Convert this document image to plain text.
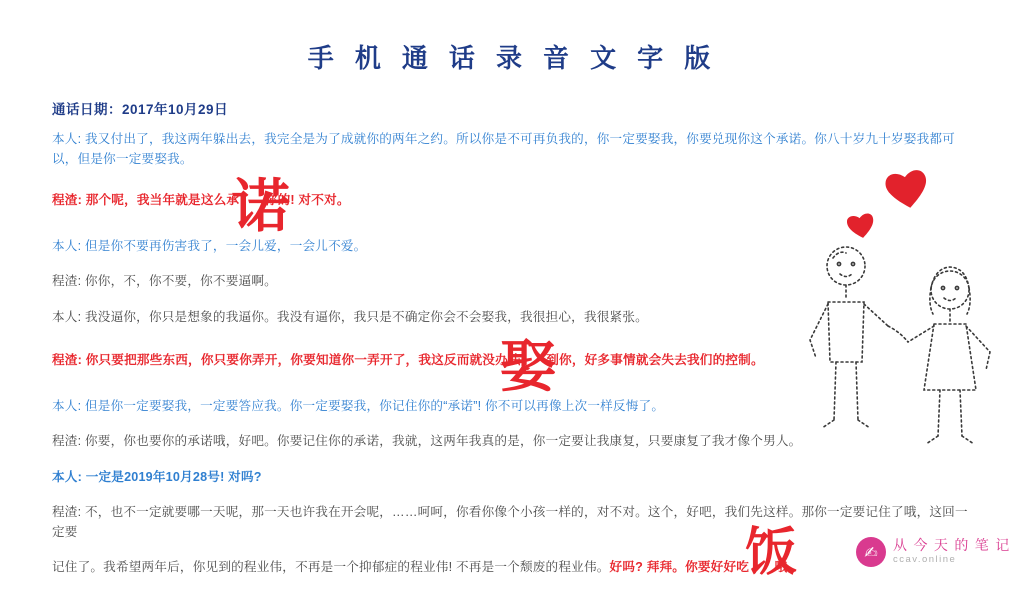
手 机 通 话 录 音 文 字 版
通话日期：2017年10月29日
本人: 我又付出了，我这两年躲出去，我完全是为了成就你的两年之约。所以你是不可再负我的，你一定要娶我，你要兑现你这个承诺。你八十岁九十岁娶我都可以，但是你一定要娶我。
程渣: 那个呢，我当年就是这么承　　你的! 对不对。
本人: 但是你不要再伤害我了，一会儿爱，一会儿不爱。
程渣: 你你，不，你不要，你不要逼啊。
本人: 我没逼你，你只是想象的我逼你。我没有逼你，我只是不确定你会不会娶我，我很担心，我很紧张。
程渣: 你只要把那些东西，你只要你弄开，你要知道你一弄开了，我这反而就没办法　　到你，好多事情就会失去我们的控制。
本人: 但是你一定要娶我，一定要答应我。你一定要娶我，你记住你的“承诺”! 你不可以再像上次一样反悔了。
程渣: 你要，你也要你的承诺哦，好吧。你要记住你的承诺，我就，这两年我真的是，你一定要让我康复，只要康复了我才像个男人。
本人: 一定是2019年10月28号! 对吗?
程渣: 不，也不一定就要哪一天呢，那一天也许我在开会呢，……呵呵，你看你像个小孩一样的，对不对。这个，好吧，我们先这样。那你一定要记住了哦，这回一定要
记住了。我希望两年后，你见到的程业伟，不再是一个抑郁症的程业伟! 不再是一个颓废的程业伟。好吗? 拜拜。你要好好吃　　哦。
诺
娶
饭	✍	从 今 天 的 笔 记
ccav.online
